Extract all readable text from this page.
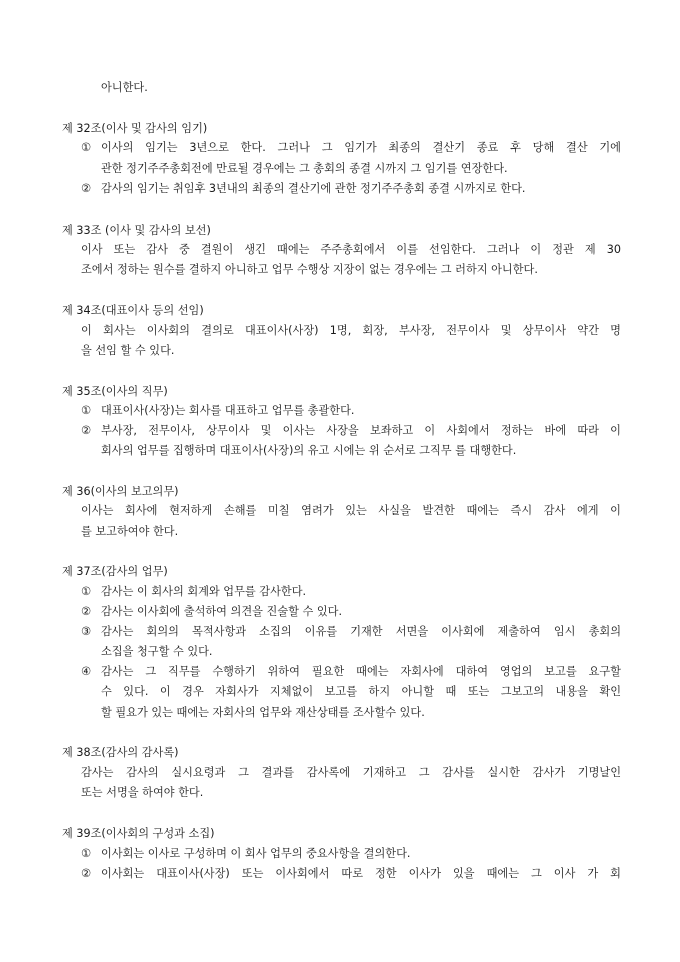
아니한다.
제 32조(이사 및 감사의 임기)
① 이사의 임기는 3년으로 한다. 그러나 그 임기가 최종의 결산기 종료 후 당해 결산 기에
관한 정기주주총회전에 만료될 경우에는 그 총회의 종결 시까지 그 임기를 연장한다.
② 감사의 임기는 취임후 3년내의 최종의 결산기에 관한 정기주주총회 종결 시까지로 한다.
제 33조 (이사 및 감사의 보선)
이사 또는 감사 중 결원이 생긴 때에는 주주총회에서 이를 선임한다. 그러나 이 정관 제 30
조에서 정하는 원수를 결하지 아니하고 업무 수행상 지장이 없는 경우에는 그 러하지 아니한다.
제 34조(대표이사 등의 선임)
이 회사는 이사회의 결의로 대표이사(사장) 1명, 회장, 부사장, 전무이사 및 상무이사 약간 명
을 선임 할 수 있다.
제 35조(이사의 직무)
① 대표이사(사장)는 회사를 대표하고 업무를 총괄한다.
② 부사장, 전무이사, 상무이사 및 이사는 사장을 보좌하고 이 사회에서 정하는 바에 따라 이
회사의 업무를 집행하며 대표이사(사장)의 유고 시에는 위 순서로 그직무 를 대행한다.
제 36(이사의 보고의무)
이사는 회사에 현저하게 손해를 미칠 염려가 있는 사실을 발견한 때에는 즉시 감사 에게 이
를 보고하여야 한다.
제 37조(감사의 업무)
① 감사는 이 회사의 회계와 업무를 감사한다.
② 감사는 이사회에 출석하여 의견을 진술할 수 있다.
③ 감사는 회의의 목적사항과 소집의 이유를 기재한 서면을 이사회에 제출하여 임시 총회의
소집을 청구할 수 있다.
④ 감사는 그 직무를 수행하기 위하여 필요한 때에는 자회사에 대하여 영업의 보고를 요구할
수 있다. 이 경우 자회사가 지체없이 보고를 하지 아니할 때 또는 그보고의 내용을 확인
할 필요가 있는 때에는 자회사의 업무와 재산상태를 조사할수 있다.
제 38조(감사의 감사록)
감사는 감사의 실시요령과 그 결과를 감사록에 기재하고 그 감사를 실시한 감사가 기명날인
또는 서명을 하여야 한다.
제 39조(이사회의 구성과 소집)
① 이사회는 이사로 구성하며 이 회사 업무의 중요사항을 결의한다.
② 이사회는 대표이사(사장) 또는 이사회에서 따로 정한 이사가 있을 때에는 그 이사 가 회
